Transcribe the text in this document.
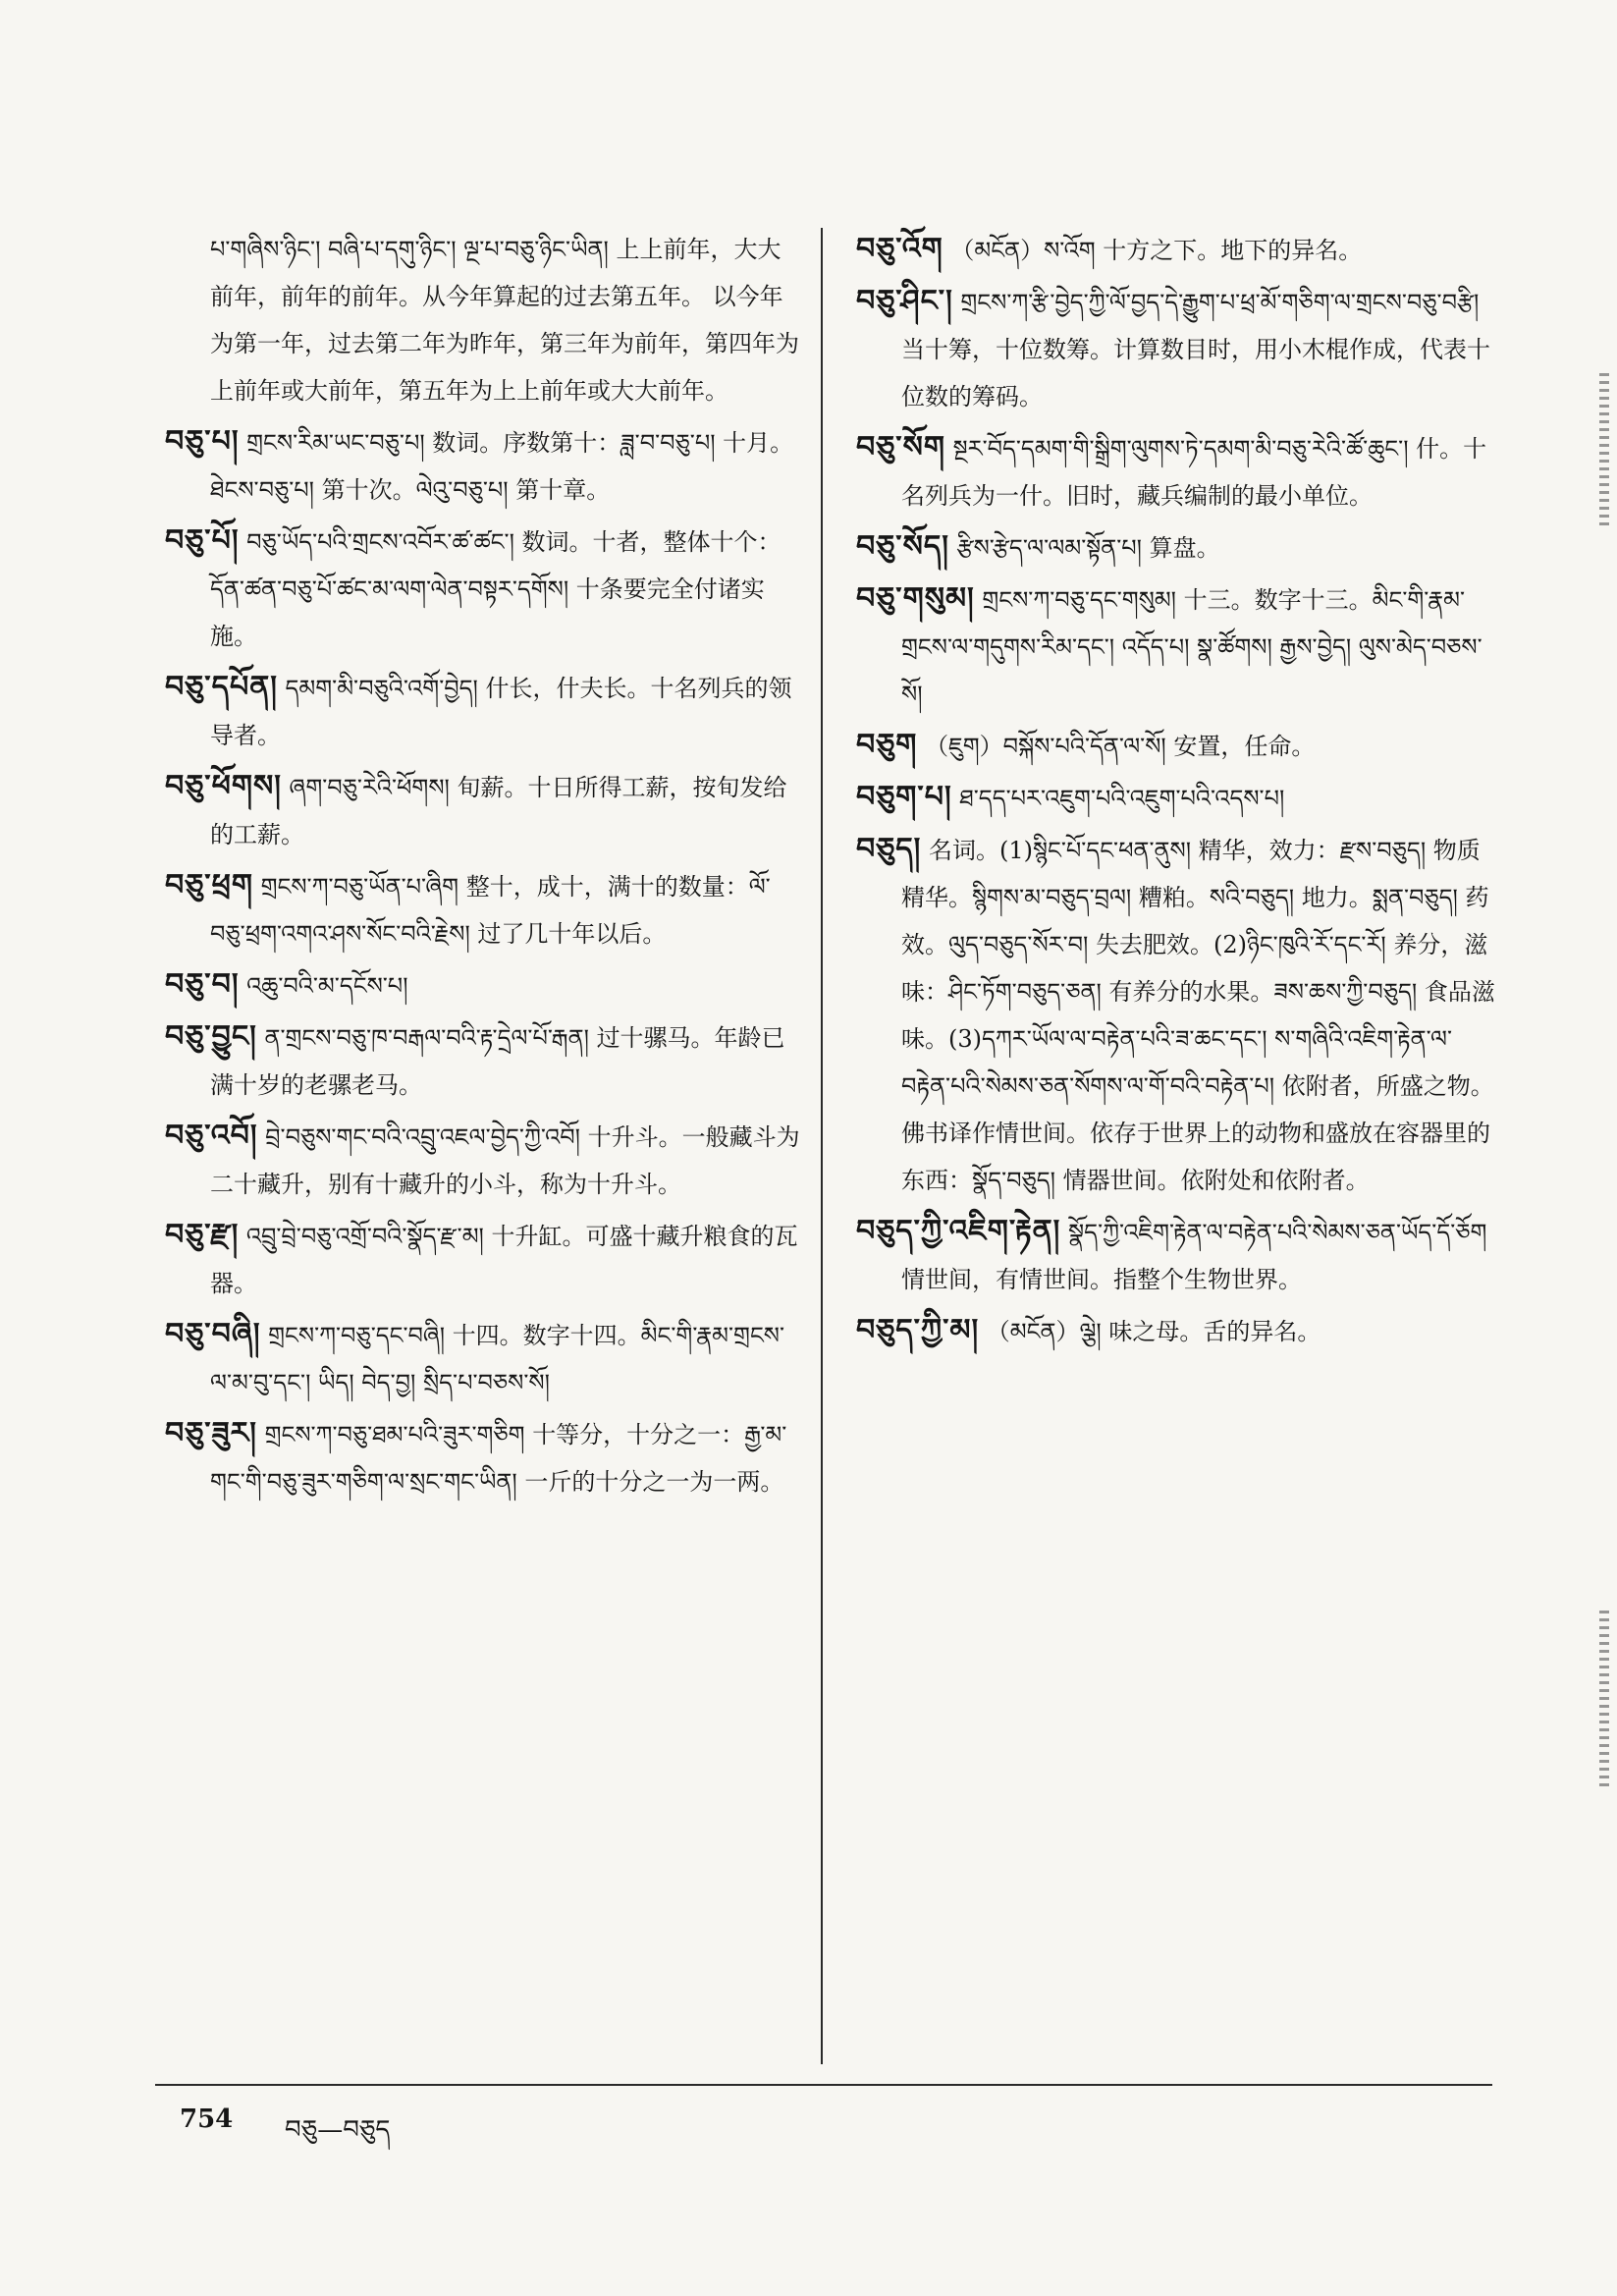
པ་གཞིས་ཉིང་། བཞི་པ་དགུ་ཉིང་། ལྔ་པ་བཅུ་ཉིང་ཡིན། 上上前年，大大前年，前年的前年。从今年算起的过去第五年。 以今年为第一年，过去第二年为昨年，第三年为前年，第四年为上前年或大前年，第五年为上上前年或大大前年。
བཅུ་པ། གྲངས་རིམ་ཡང་བཅུ་པ། 数词。序数第十：ཟླ་བ་བཅུ་པ། 十月。ཐེངས་བཅུ་པ། 第十次。ལེའུ་བཅུ་པ། 第十章。
བཅུ་པོ། བཅུ་ཡོད་པའི་གྲངས་འབོར་ཚ་ཚང་། 数词。十者，整体十个：དོན་ཚན་བཅུ་པོ་ཚང་མ་ལག་ལེན་བསྟར་དགོས། 十条要完全付诸实施。
བཅུ་དཔོན། དམག་མི་བཅུའི་འགོ་བྱེད། 什长，什夫长。十名列兵的领导者。
བཅུ་ཕོགས། ཞག་བཅུ་རེའི་ཕོགས། 旬薪。十日所得工薪，按旬发给的工薪。
བཅུ་ཕྲག གྲངས་ཀ་བཅུ་ཡོན་པ་ཞིག 整十，成十，满十的数量：ལོ་བཅུ་ཕྲག་འགའ་ཤས་སོང་བའི་རྗེས། 过了几十年以后。
བཅུ་བ། འཆུ་བའི་མ་དངོས་པ།
བཅུ་བྱུང། ན་གྲངས་བཅུ་ཁ་བརྒལ་བའི་རྟ་དྲེལ་པོ་རྒན། 过十骡马。年龄已满十岁的老骡老马。
བཅུ་འབོ། བྲེ་བཅུས་གང་བའི་འབྲུ་འཇལ་བྱེད་ཀྱི་འབོ། 十升斗。一般藏斗为二十藏升，别有十藏升的小斗，称为十升斗。
བཅུ་རྫ། འབྲུ་བྲེ་བཅུ་འགྲོ་བའི་སྣོད་རྫ་མ། 十升缸。可盛十藏升粮食的瓦器。
བཅུ་བཞི། གྲངས་ཀ་བཅུ་དང་བཞི། 十四。数字十四。མིང་གི་རྣམ་གྲངས་ལ་མ་བུ་དང་། ཡིད། བེད་བྱ། སྲིད་པ་བཅས་སོ།
བཅུ་ཟུར། གྲངས་ཀ་བཅུ་ཐམ་པའི་ཟུར་གཅིག 十等分，十分之一：རྒྱ་མ་གང་གི་བཅུ་ཟུར་གཅིག་ལ་སྲང་གང་ཡིན། 一斤的十分之一为一两。
བཅུ་འོག （མངོན）ས་འོག 十方之下。地下的异名。
བཅུ་ཤིང་། གྲངས་ཀ་རྩི་བྱེད་ཀྱི་ལོ་བྱད་དེ་རྒྱུག་པ་ཕྲ་མོ་གཅིག་ལ་གྲངས་བཅུ་བརྩི། 当十筹，十位数筹。计算数目时，用小木棍作成，代表十位数的筹码。
བཅུ་སོག སྔར་བོད་དམག་གི་སྒྲིག་ལུགས་ཏེ་དམག་མི་བཅུ་རེའི་ཚོ་ཆུང་། 什。十名列兵为一什。旧时，藏兵编制的最小单位。
བཅུ་སོད། རྩིས་རྩེད་ལ་ལམ་སྟོན་པ། 算盘。
བཅུ་གསུམ། གྲངས་ཀ་བཅུ་དང་གསུམ། 十三。数字十三。མིང་གི་རྣམ་གྲངས་ལ་གདུགས་རིམ་དང་། འདོད་པ། སྣ་ཚོགས། རྒྱས་བྱེད། ལུས་མེད་བཅས་སོ།
བཅུག （ཇུག）བསྐོས་པའི་དོན་ལ་སོ། 安置，任命。
བཅུག་པ། ཐ་དད་པར་འཇུག་པའི་འཇུག་པའི་འདས་པ།
བཅུད། 名词。(1)སྙིང་པོ་དང་ཕན་ནུས། 精华，效力：རྫས་བཅུད། 物质精华。སྙིགས་མ་བཅུད་བྲལ། 糟粕。སའི་བཅུད། 地力。སྨན་བཅུད། 药效。ལུད་བཅུད་སོར་བ། 失去肥效。(2)ཉིང་ཁུའི་རོ་དང་རོ། 养分，滋味：ཤིང་ཏོག་བཅུད་ཅན། 有养分的水果。ཟས་ཆས་ཀྱི་བཅུད། 食品滋味。(3)དཀར་ཡོལ་ལ་བརྟེན་པའི་ཟ་ཆང་དང་། ས་གཞིའི་འཇིག་རྟེན་ལ་བརྟེན་པའི་སེམས་ཅན་སོགས་ལ་གོ་བའི་བརྟེན་པ། 依附者，所盛之物。佛书译作情世间。依存于世界上的动物和盛放在容器里的东西：སྣོད་བཅུད། 情器世间。依附处和依附者。
བཅུད་ཀྱི་འཇིག་རྟེན། སྣོད་ཀྱི་འཇིག་རྟེན་ལ་བརྟེན་པའི་སེམས་ཅན་ཡོད་དོ་ཅོག 情世间，有情世间。指整个生物世界。
བཅུད་ཀྱི་མ། （མངོན）ལྕེ། 味之母。舌的异名。
754 བཅུ—བཅུད
